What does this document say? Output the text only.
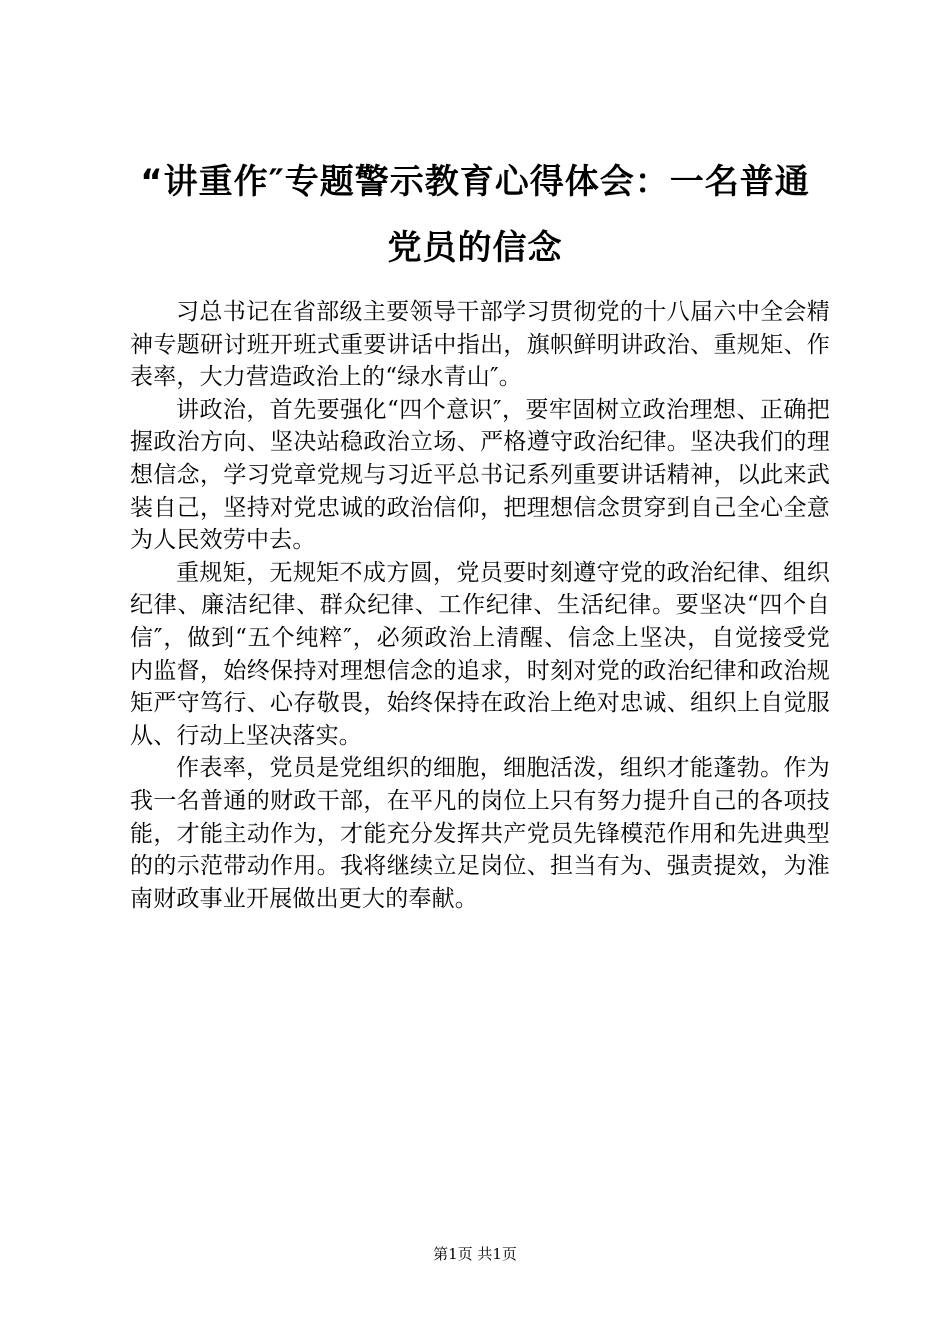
“讲重作″专题警示教育心得体会：一名普通
党员的信念

习总书记在省部级主要领导干部学习贯彻党的十八届六中全会精神专题研讨班开班式重要讲话中指出，旗帜鲜明讲政治、重规矩、作表率，大力营造政治上的“绿水青山″。

讲政治，首先要强化“四个意识″，要牢固树立政治理想、正确把握政治方向、坚决站稳政治立场、严格遵守政治纪律。坚决我们的理想信念，学习党章党规与习近平总书记系列重要讲话精神，以此来武装自己，坚持对党忠诚的政治信仰，把理想信念贯穿到自己全心全意为人民效劳中去。

重规矩，无规矩不成方圆，党员要时刻遵守党的政治纪律、组织纪律、廉洁纪律、群众纪律、工作纪律、生活纪律。要坚决“四个自信″，做到“五个纯粹″，必须政治上清醒、信念上坚决，自觉接受党内监督，始终保持对理想信念的追求，时刻对党的政治纪律和政治规矩严守笃行、心存敬畏，始终保持在政治上绝对忠诚、组织上自觉服从、行动上坚决落实。

作表率，党员是党组织的细胞，细胞活泼，组织才能蓬勃。作为我一名普通的财政干部，在平凡的岗位上只有努力提升自己的各项技能，才能主动作为，才能充分发挥共产党员先锋模范作用和先进典型的的示范带动作用。我将继续立足岗位、担当有为、强责提效，为淮南财政事业开展做出更大的奉献。

第1页 共1页
